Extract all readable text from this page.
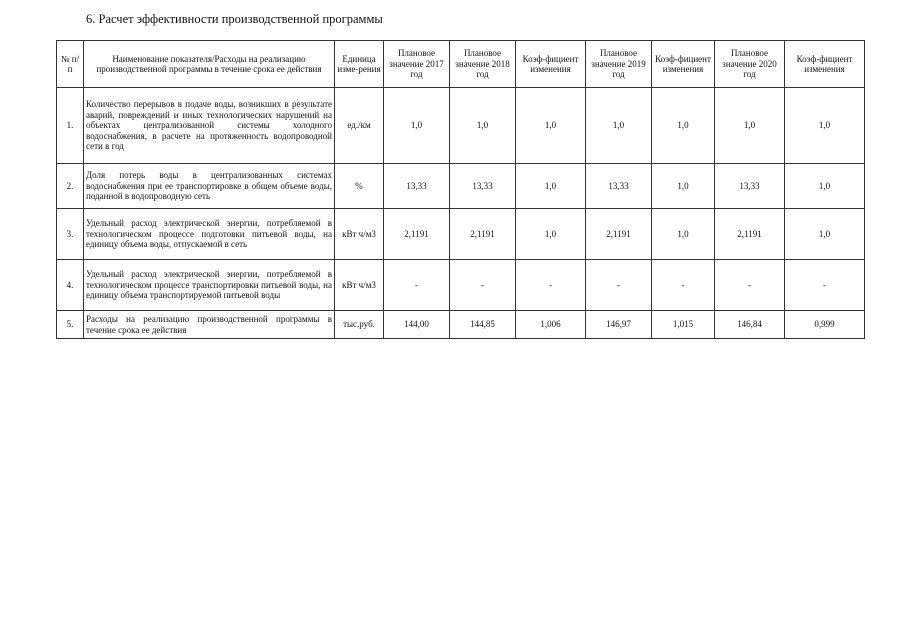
6. Расчет эффективности производственной программы
№ п/п	Наименование показателя/Расходы на реализацию производственной программы в течение срока ее действия	Единица изме-рения	Плановое значение 2017 год	Плановое значение 2018 год	Коэф-фициент изменения	Плановое значение 2019 год	Коэф-фициент изменения	Плановое значение 2020 год	Коэф-фициент изменения
1.	Количество перерывов в подаче воды, возникших в результате аварий, повреждений и иных технологических нарушений на объектах централизованной системы холодного водоснабжения, в расчете на протяженность водопроводной сети в год	ед./км	1,0	1,0	1,0	1,0	1,0	1,0	1,0
2.	Доля потерь воды в централизованных системах водоснабжения при ее транспортировке в общем объеме воды, поданной в водопроводную сеть	%	13,33	13,33	1,0	13,33	1,0	13,33	1,0
3.	Удельный расход электрической энергии, потребляемой в технологическом процессе подготовки питьевой воды, на единицу объема воды, отпускаемой в сеть	кВт ч/м3	2,1191	2,1191	1,0	2,1191	1,0	2,1191	1,0
4.	Удельный расход электрической энергии, потребляемой в технологическом процессе транспортировки питьевой воды, на единицу объема транспортируемой питьевой воды	кВт ч/м3	-	-	-	-	-	-	-
5.	Расходы на реализацию производственной программы в течение срока ее действия	тыс.руб.	144,00	144,85	1,006	146,97	1,015	146,84	0,999
